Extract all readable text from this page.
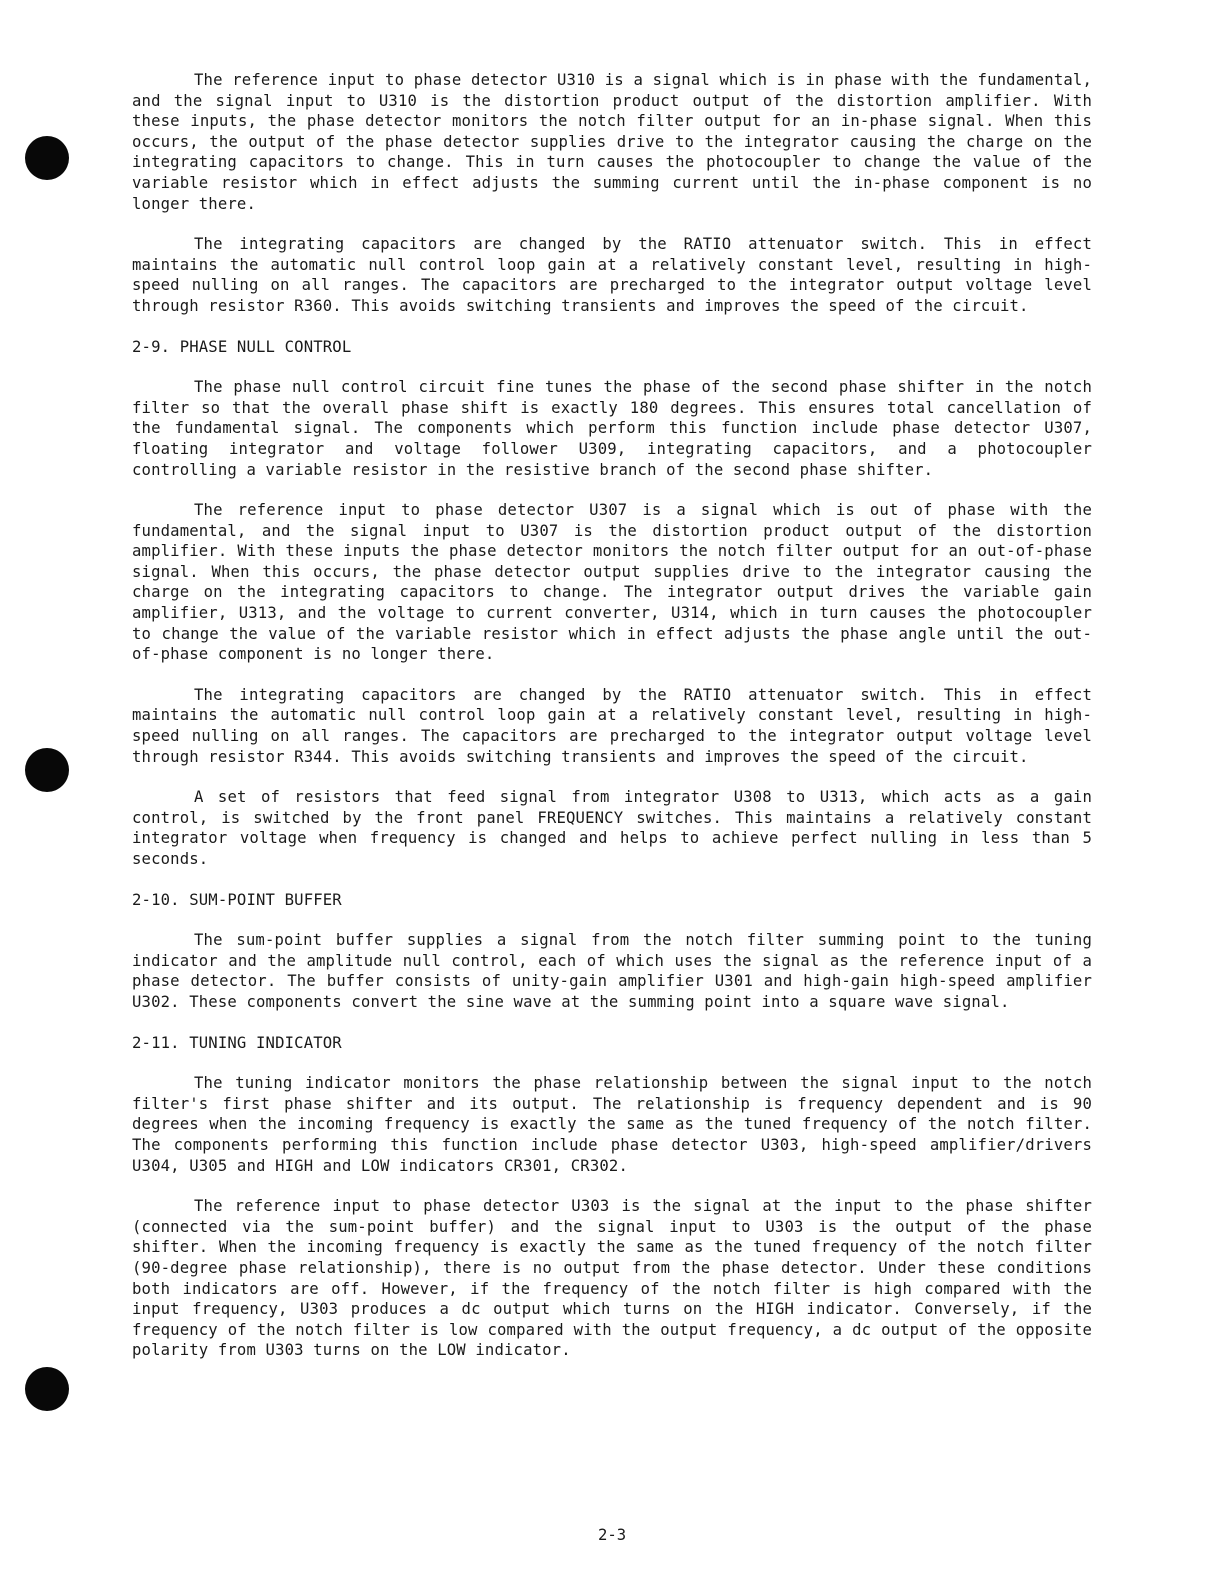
The reference input to phase detector U310 is a signal which is in phase with the fundamental, and the signal input to U310 is the distortion product output of the distortion amplifier. With these inputs, the phase detector monitors the notch filter output for an in-phase signal. When this occurs, the output of the phase detector supplies drive to the integrator causing the charge on the integrating capacitors to change. This in turn causes the photocoupler to change the value of the variable resistor which in effect adjusts the summing current until the in-phase component is no longer there.

The integrating capacitors are changed by the RATIO attenuator switch. This in effect maintains the automatic null control loop gain at a relatively constant level, resulting in high-speed nulling on all ranges. The capacitors are precharged to the integrator output voltage level through resistor R360. This avoids switching transients and improves the speed of the circuit.

2-9. PHASE NULL CONTROL

The phase null control circuit fine tunes the phase of the second phase shifter in the notch filter so that the overall phase shift is exactly 180 degrees. This ensures total cancellation of the fundamental signal. The components which perform this function include phase detector U307, floating integrator and voltage follower U309, integrating capacitors, and a photocoupler controlling a variable resistor in the resistive branch of the second phase shifter.

The reference input to phase detector U307 is a signal which is out of phase with the fundamental, and the signal input to U307 is the distortion product output of the distortion amplifier. With these inputs the phase detector monitors the notch filter output for an out-of-phase signal. When this occurs, the phase detector output supplies drive to the integrator causing the charge on the integrating capacitors to change. The integrator output drives the variable gain amplifier, U313, and the voltage to current converter, U314, which in turn causes the photocoupler to change the value of the variable resistor which in effect adjusts the phase angle until the out-of-phase component is no longer there.

The integrating capacitors are changed by the RATIO attenuator switch. This in effect maintains the automatic null control loop gain at a relatively constant level, resulting in high-speed nulling on all ranges. The capacitors are precharged to the integrator output voltage level through resistor R344. This avoids switching transients and improves the speed of the circuit.

A set of resistors that feed signal from integrator U308 to U313, which acts as a gain control, is switched by the front panel FREQUENCY switches. This maintains a relatively constant integrator voltage when frequency is changed and helps to achieve perfect nulling in less than 5 seconds.

2-10. SUM-POINT BUFFER

The sum-point buffer supplies a signal from the notch filter summing point to the tuning indicator and the amplitude null control, each of which uses the signal as the reference input of a phase detector. The buffer consists of unity-gain amplifier U301 and high-gain high-speed amplifier U302. These components convert the sine wave at the summing point into a square wave signal.

2-11. TUNING INDICATOR

The tuning indicator monitors the phase relationship between the signal input to the notch filter's first phase shifter and its output. The relationship is frequency dependent and is 90 degrees when the incoming frequency is exactly the same as the tuned frequency of the notch filter. The components performing this function include phase detector U303, high-speed amplifier/drivers U304, U305 and HIGH and LOW indicators CR301, CR302.

The reference input to phase detector U303 is the signal at the input to the phase shifter (connected via the sum-point buffer) and the signal input to U303 is the output of the phase shifter. When the incoming frequency is exactly the same as the tuned frequency of the notch filter (90-degree phase relationship), there is no output from the phase detector. Under these conditions both indicators are off. However, if the frequency of the notch filter is high compared with the input frequency, U303 produces a dc output which turns on the HIGH indicator. Conversely, if the frequency of the notch filter is low compared with the output frequency, a dc output of the opposite polarity from U303 turns on the LOW indicator.

2-3
